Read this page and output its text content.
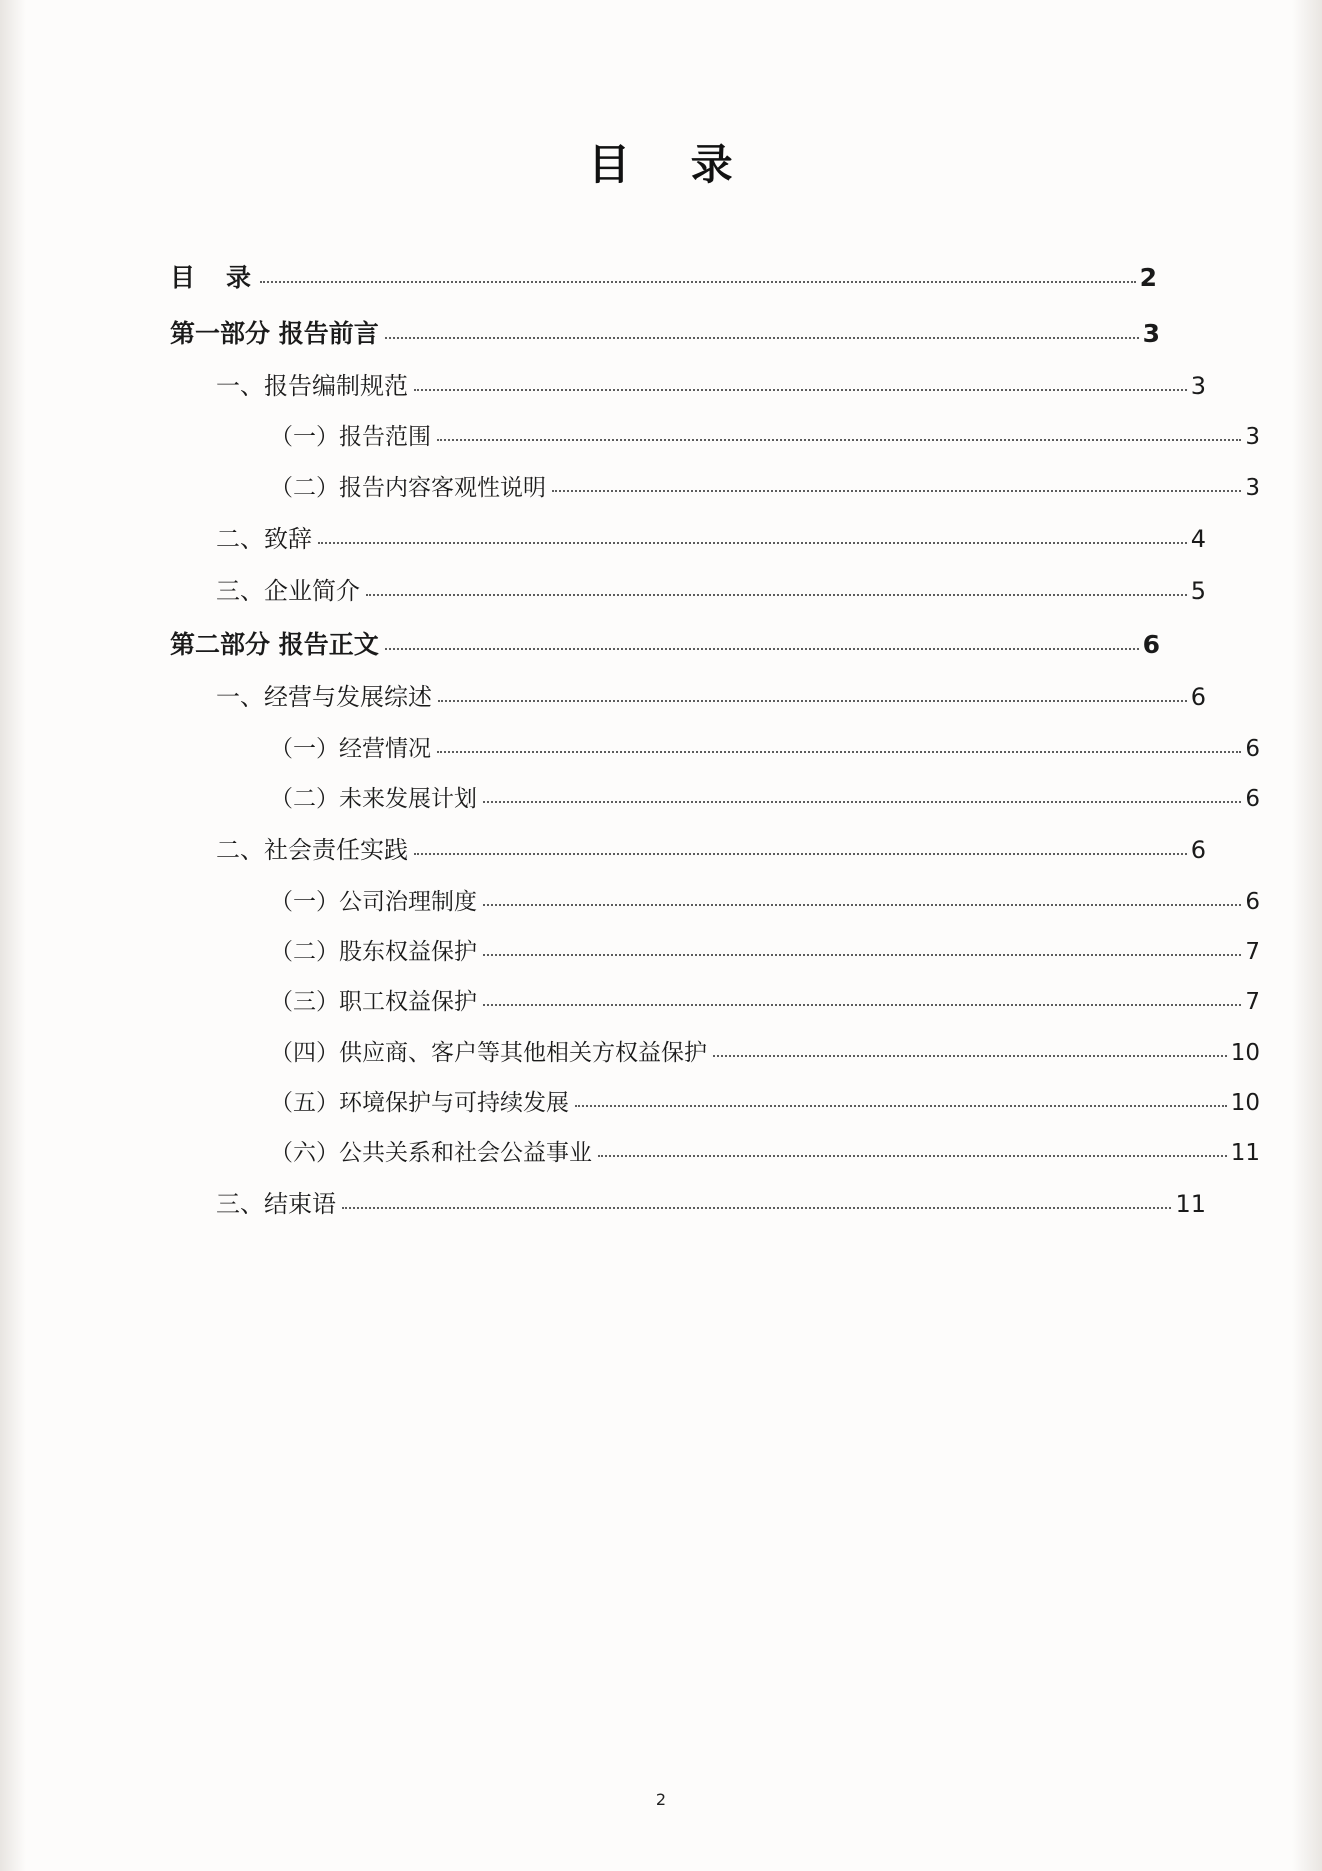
目　录
目　录	2
第一部分 报告前言	3
一、报告编制规范	3
（一）报告范围	3
（二）报告内容客观性说明	3
二、致辞	4
三、企业简介	5
第二部分 报告正文	6
一、经营与发展综述	6
（一）经营情况	6
（二）未来发展计划	6
二、社会责任实践	6
（一）公司治理制度	6
（二）股东权益保护	7
（三）职工权益保护	7
（四）供应商、客户等其他相关方权益保护	10
（五）环境保护与可持续发展	10
（六）公共关系和社会公益事业	11
三、结束语	11
2
